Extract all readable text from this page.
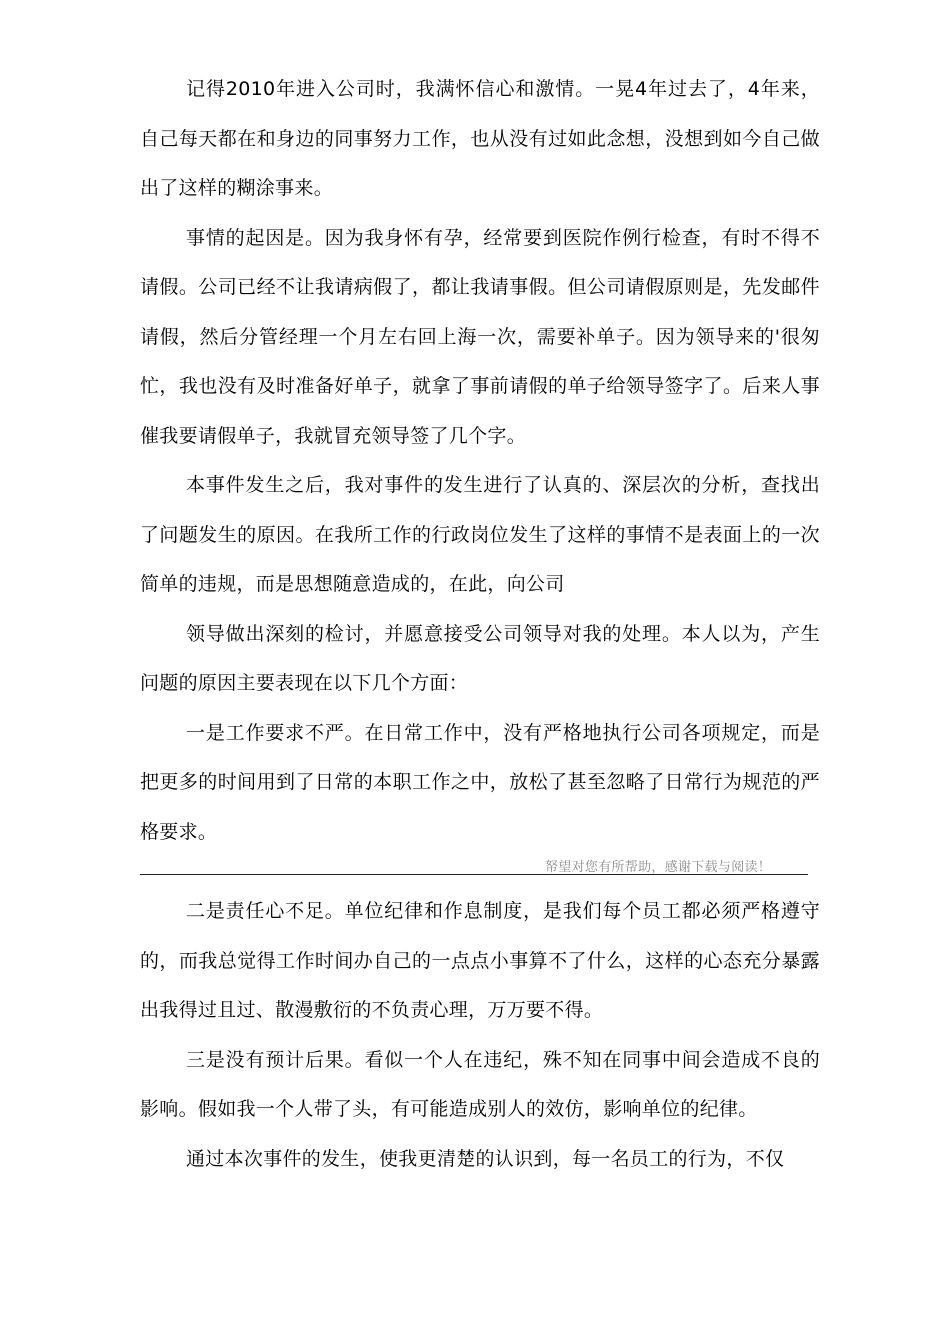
记得2010年进入公司时，我满怀信心和激情。一晃4年过去了，4年来，自己每天都在和身边的同事努力工作，也从没有过如此念想，没想到如今自己做出了这样的糊涂事来。

事情的起因是。因为我身怀有孕，经常要到医院作例行检查，有时不得不请假。公司已经不让我请病假了，都让我请事假。但公司请假原则是，先发邮件请假，然后分管经理一个月左右回上海一次，需要补单子。因为领导来的'很匆忙，我也没有及时准备好单子，就拿了事前请假的单子给领导签字了。后来人事催我要请假单子，我就冒充领导签了几个字。

本事件发生之后，我对事件的发生进行了认真的、深层次的分析，查找出了问题发生的原因。在我所工作的行政岗位发生了这样的事情不是表面上的一次简单的违规，而是思想随意造成的，在此，向公司

领导做出深刻的检讨，并愿意接受公司领导对我的处理。本人以为，产生问题的原因主要表现在以下几个方面：

一是工作要求不严。在日常工作中，没有严格地执行公司各项规定，而是把更多的时间用到了日常的本职工作之中，放松了甚至忽略了日常行为规范的严格要求。

帑望对您有所帮助，感谢下载与阅读！

二是责任心不足。单位纪律和作息制度，是我们每个员工都必须严格遵守的，而我总觉得工作时间办自己的一点点小事算不了什么，这样的心态充分暴露出我得过且过、散漫敷衍的不负责心理，万万要不得。

三是没有预计后果。看似一个人在违纪，殊不知在同事中间会造成不良的影响。假如我一个人带了头，有可能造成别人的效仿，影响单位的纪律。

通过本次事件的发生，使我更清楚的认识到，每一名员工的行为，不仅
